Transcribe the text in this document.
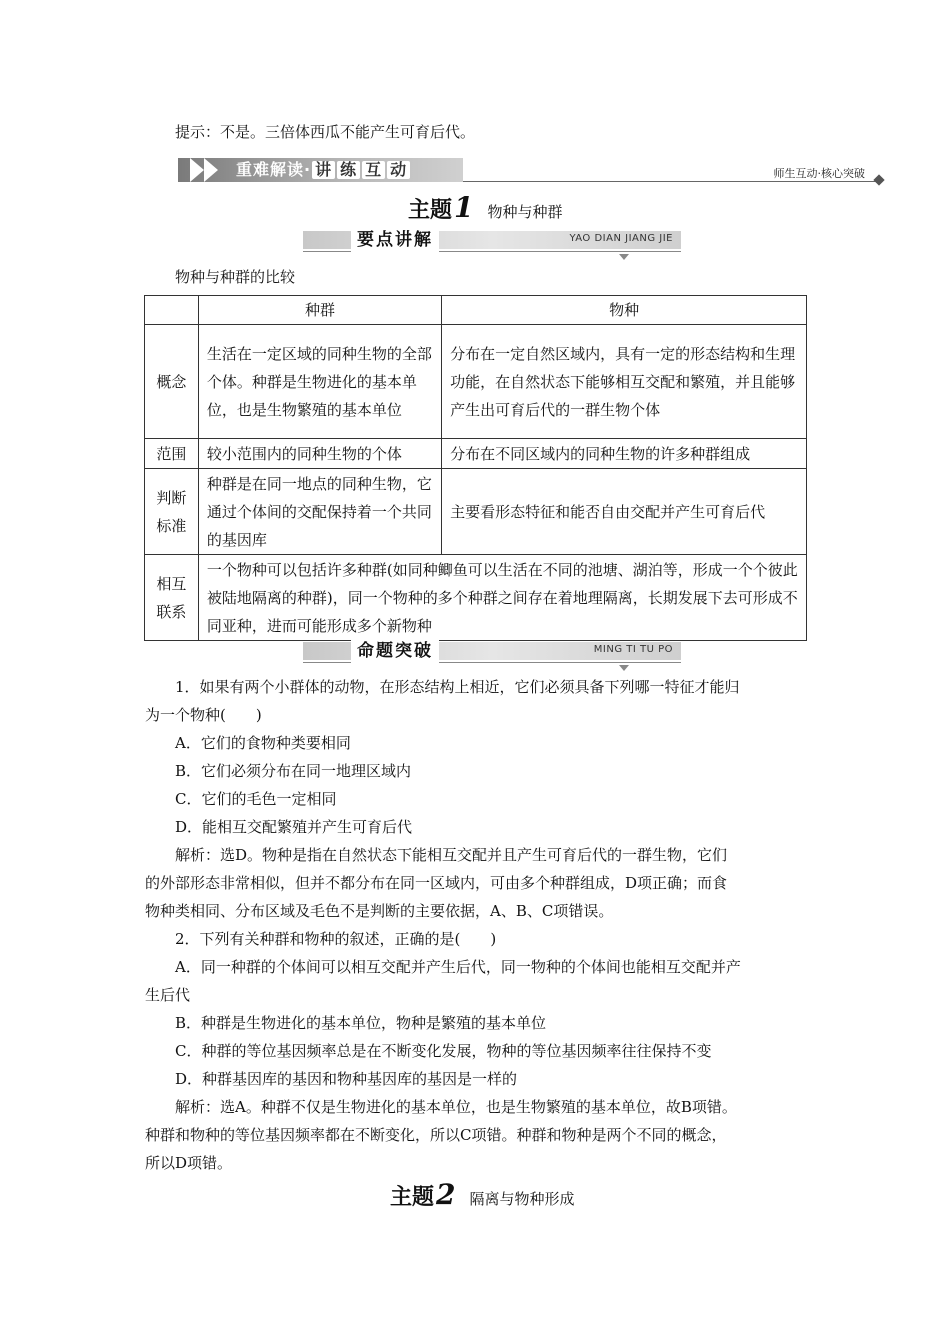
提示：不是。三倍体西瓜不能产生可育后代。
重难解读· 讲 练 互 动	师生互动·核心突破
主题1 物种与种群
要点讲解	YAO DIAN JIANG JIE
物种与种群的比较
	种群	物种
概念	生活在一定区域的同种生物的全部个体。种群是生物进化的基本单位，也是生物繁殖的基本单位	分布在一定自然区域内，具有一定的形态结构和生理功能，在自然状态下能够相互交配和繁殖，并且能够产生出可育后代的一群生物个体
范围	较小范围内的同种生物的个体	分布在不同区域内的同种生物的许多种群组成
判断标准	种群是在同一地点的同种生物，它通过个体间的交配保持着一个共同的基因库	主要看形态特征和能否自由交配并产生可育后代
相互联系	一个物种可以包括许多种群(如同种鲫鱼可以生活在不同的池塘、湖泊等，形成一个个彼此被陆地隔离的种群)，同一个物种的多个种群之间存在着地理隔离，长期发展下去可形成不同亚种，进而可能形成多个新物种	
命题突破	MING TI TU PO
1．如果有两个小群体的动物，在形态结构上相近，它们必须具备下列哪一特征才能归
为一个物种(　　)
A．它们的食物种类要相同
B．它们必须分布在同一地理区域内
C．它们的毛色一定相同
D．能相互交配繁殖并产生可育后代
解析：选D。物种是指在自然状态下能相互交配并且产生可育后代的一群生物，它们
的外部形态非常相似，但并不都分布在同一区域内，可由多个种群组成，D项正确；而食
物种类相同、分布区域及毛色不是判断的主要依据，A、B、C项错误。
2．下列有关种群和物种的叙述，正确的是(　　)
A．同一种群的个体间可以相互交配并产生后代，同一物种的个体间也能相互交配并产
生后代
B．种群是生物进化的基本单位，物种是繁殖的基本单位
C．种群的等位基因频率总是在不断变化发展，物种的等位基因频率往往保持不变
D．种群基因库的基因和物种基因库的基因是一样的
解析：选A。种群不仅是生物进化的基本单位，也是生物繁殖的基本单位，故B项错。
种群和物种的等位基因频率都在不断变化，所以C项错。种群和物种是两个不同的概念，
所以D项错。
主题2 隔离与物种形成
